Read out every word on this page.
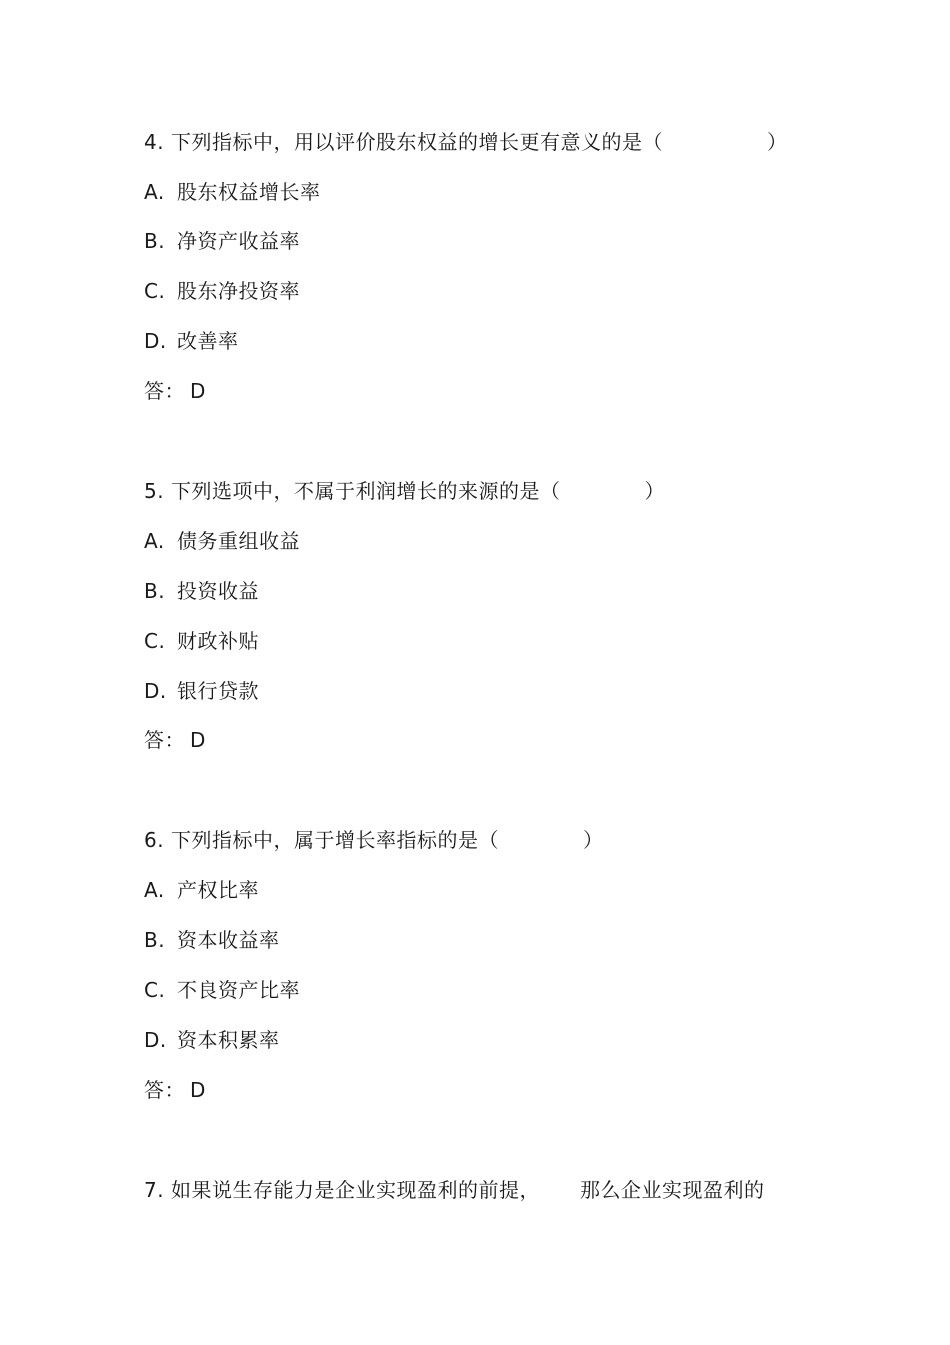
4. 下列指标中，用以评价股东权益的增长更有意义的是（	）
A. 股东权益增长率
B. 净资产收益率
C. 股东净投资率
D. 改善率
答： D
5. 下列选项中，不属于利润增长的来源的是（	）
A. 债务重组收益
B. 投资收益
C. 财政补贴
D. 银行贷款
答： D
6. 下列指标中，属于增长率指标的是（	）
A. 产权比率
B. 资本收益率
C. 不良资产比率
D. 资本积累率
答： D
7. 如果说生存能力是企业实现盈利的前提， 那么企业实现盈利的
